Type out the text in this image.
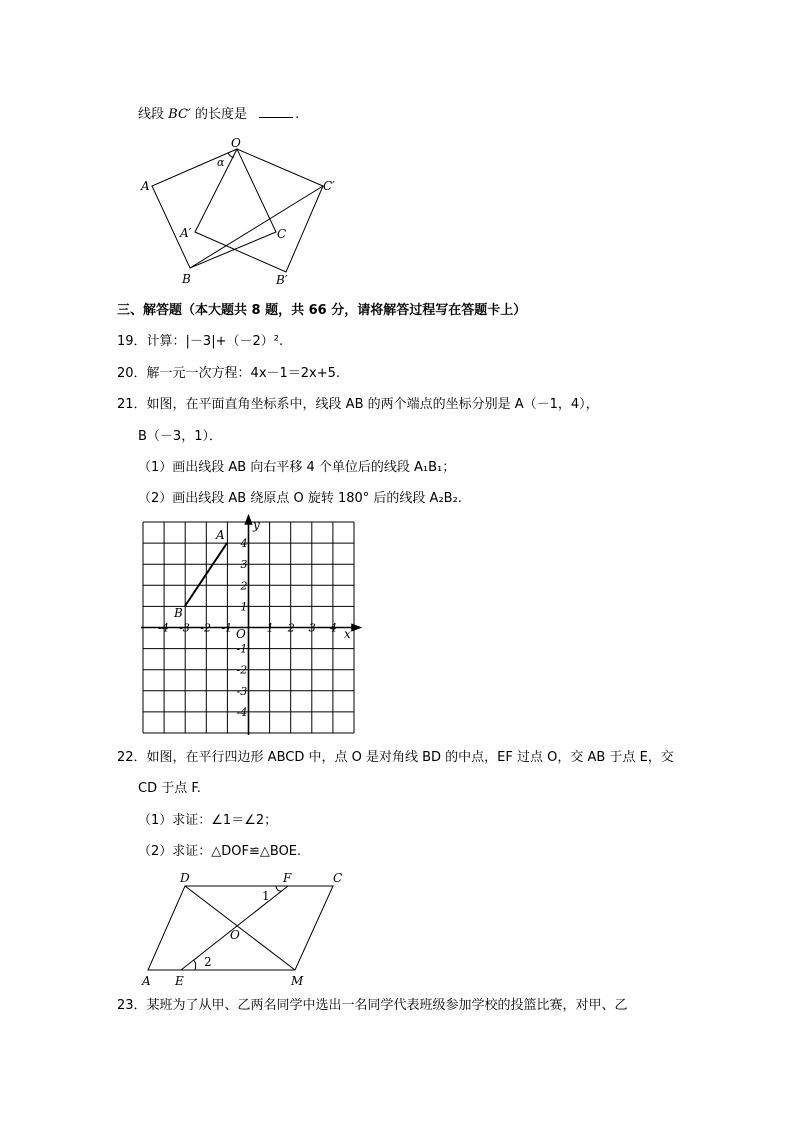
线段 BC′ 的长度是	.
O
α
A	C′
A′	C
B	B′
三、解答题（本大题共 8 题，共 66 分，请将解答过程写在答题卡上）
19．计算：|－3|+（－2）².
20．解一元一次方程：4x－1＝2x+5.
21．如图，在平面直角坐标系中，线段 AB 的两个端点的坐标分别是 A（－1，4），
B（－3，1）．
（1）画出线段 AB 向右平移 4 个单位后的线段 A₁B₁；
（2）画出线段 AB 绕原点 O 旋转 180° 后的线段 A₂B₂.
-4 -3 -2 -1	1 2 3 4
4
3
2
1
-1
-2
-3
-4
A
B
y
x
O
22．如图，在平行四边形 ABCD 中，点 O 是对角线 BD 的中点，EF 过点 O，交 AB 于点 E，交
CD 于点 F.
（1）求证：∠1＝∠2；
（2）求证：△DOF≌△BOE.
D	F	C
1
O
2
A E	M
23．某班为了从甲、乙两名同学中选出一名同学代表班级参加学校的投篮比赛，对甲、乙
